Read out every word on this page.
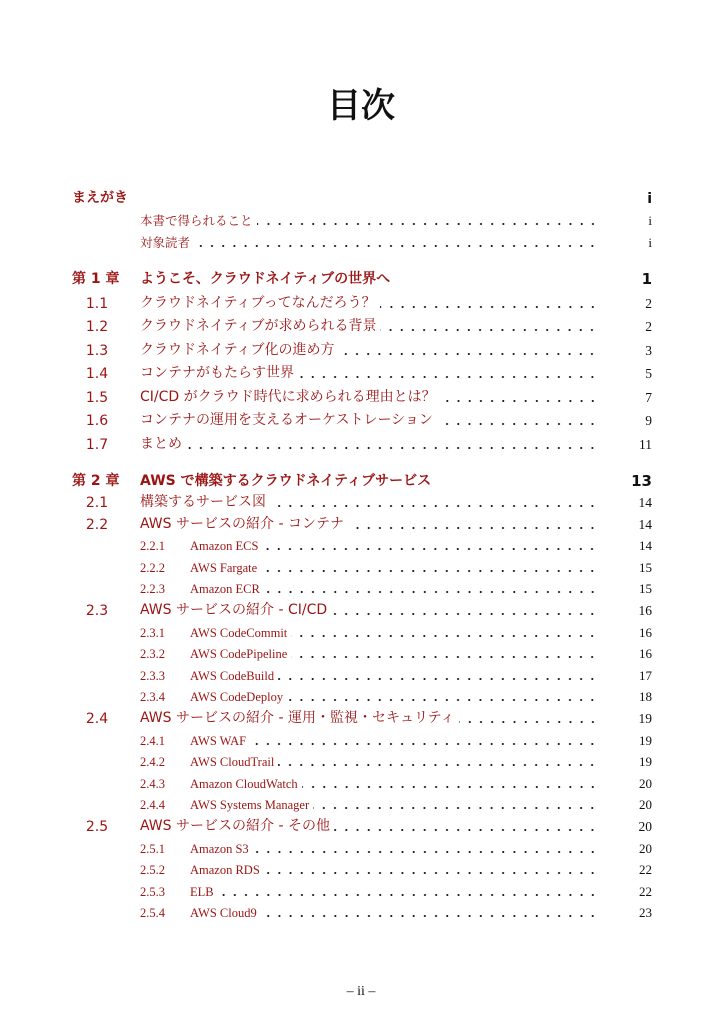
目次
まえがき	i
本書で得られること	i
対象読者	i
第 1 章	ようこそ、クラウドネイティブの世界へ	1
1.1	クラウドネイティブってなんだろう？	2
1.2	クラウドネイティブが求められる背景	2
1.3	クラウドネイティブ化の進め方	3
1.4	コンテナがもたらす世界	5
1.5	CI/CD がクラウド時代に求められる理由とは？	7
1.6	コンテナの運用を支えるオーケストレーション	9
1.7	まとめ	11
第 2 章	AWS で構築するクラウドネイティブサービス	13
2.1	構築するサービス図	14
2.2	AWS サービスの紹介 - コンテナ	14
2.2.1	Amazon ECS	14
2.2.2	AWS Fargate	15
2.2.3	Amazon ECR	15
2.3	AWS サービスの紹介 - CI/CD	16
2.3.1	AWS CodeCommit	16
2.3.2	AWS CodePipeline	16
2.3.3	AWS CodeBuild	17
2.3.4	AWS CodeDeploy	18
2.4	AWS サービスの紹介 - 運用・監視・セキュリティ	19
2.4.1	AWS WAF	19
2.4.2	AWS CloudTrail	19
2.4.3	Amazon CloudWatch	20
2.4.4	AWS Systems Manager	20
2.5	AWS サービスの紹介 - その他	20
2.5.1	Amazon S3	20
2.5.2	Amazon RDS	22
2.5.3	ELB	22
2.5.4	AWS Cloud9	23
– ii –
